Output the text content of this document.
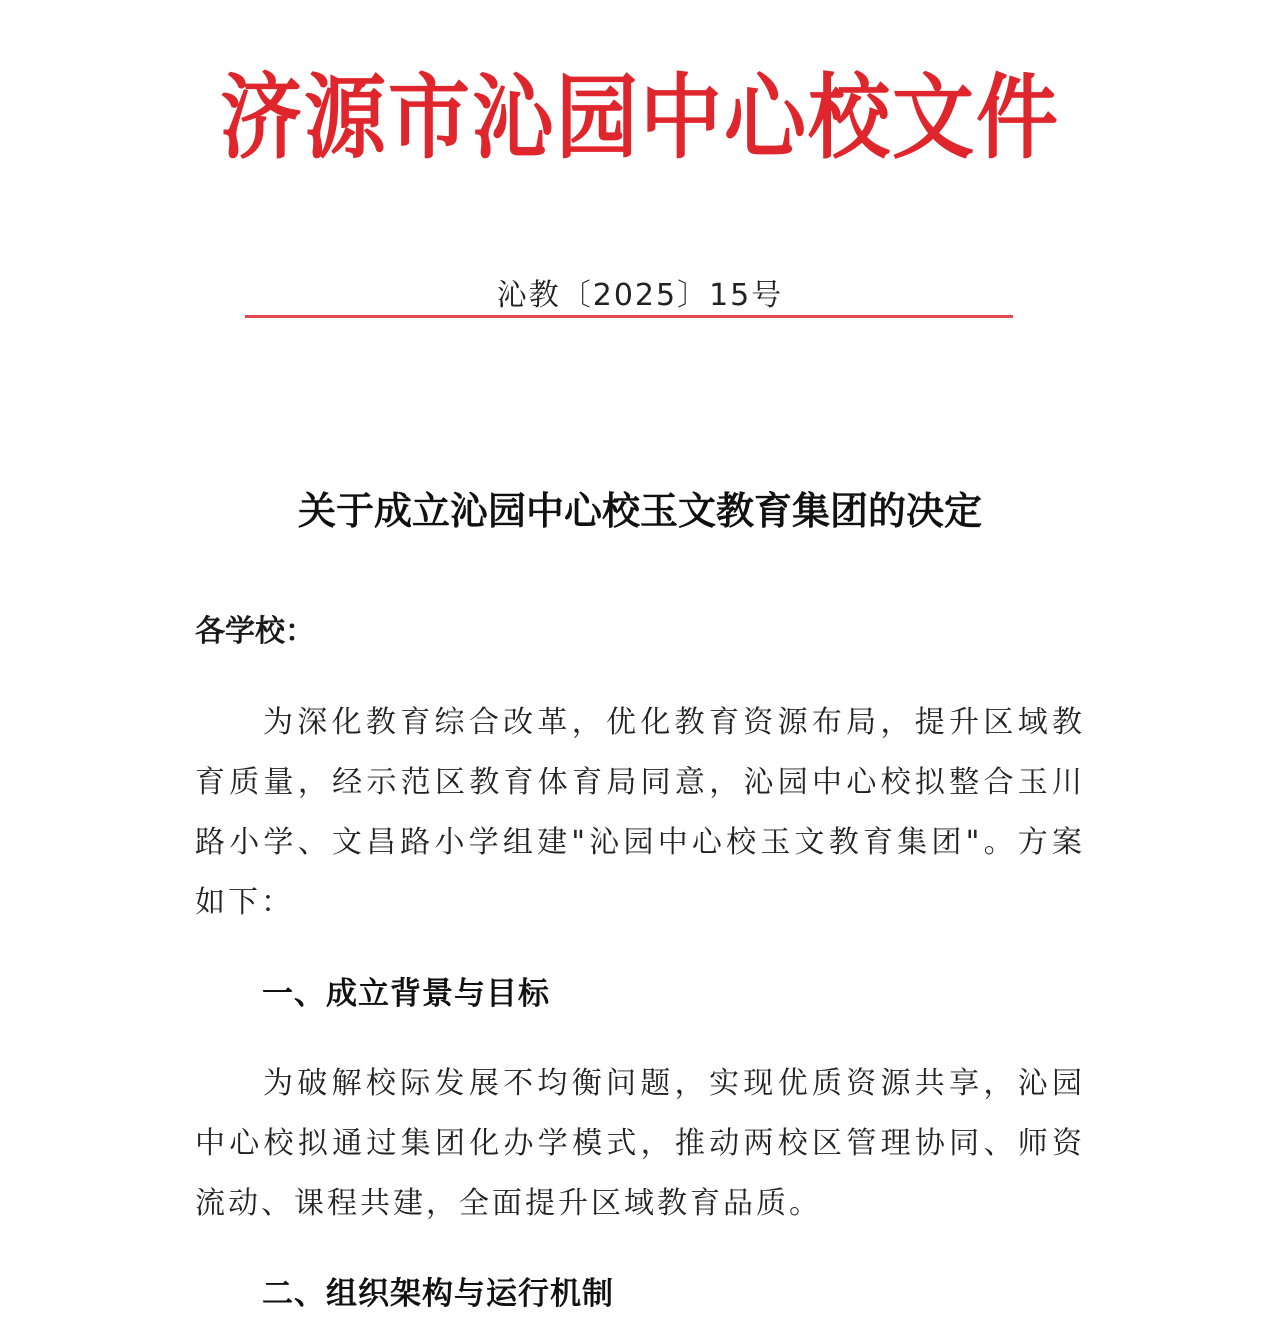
济源市沁园中心校文件
沁教〔2025〕15号
关于成立沁园中心校玉文教育集团的决定
各学校：
为深化教育综合改革，优化教育资源布局，提升区域教育质量，经示范区教育体育局同意，沁园中心校拟整合玉川路小学、文昌路小学组建"沁园中心校玉文教育集团"。方案如下：
一、成立背景与目标
为破解校际发展不均衡问题，实现优质资源共享，沁园中心校拟通过集团化办学模式，推动两校区管理协同、师资流动、课程共建，全面提升区域教育品质。
二、组织架构与运行机制
